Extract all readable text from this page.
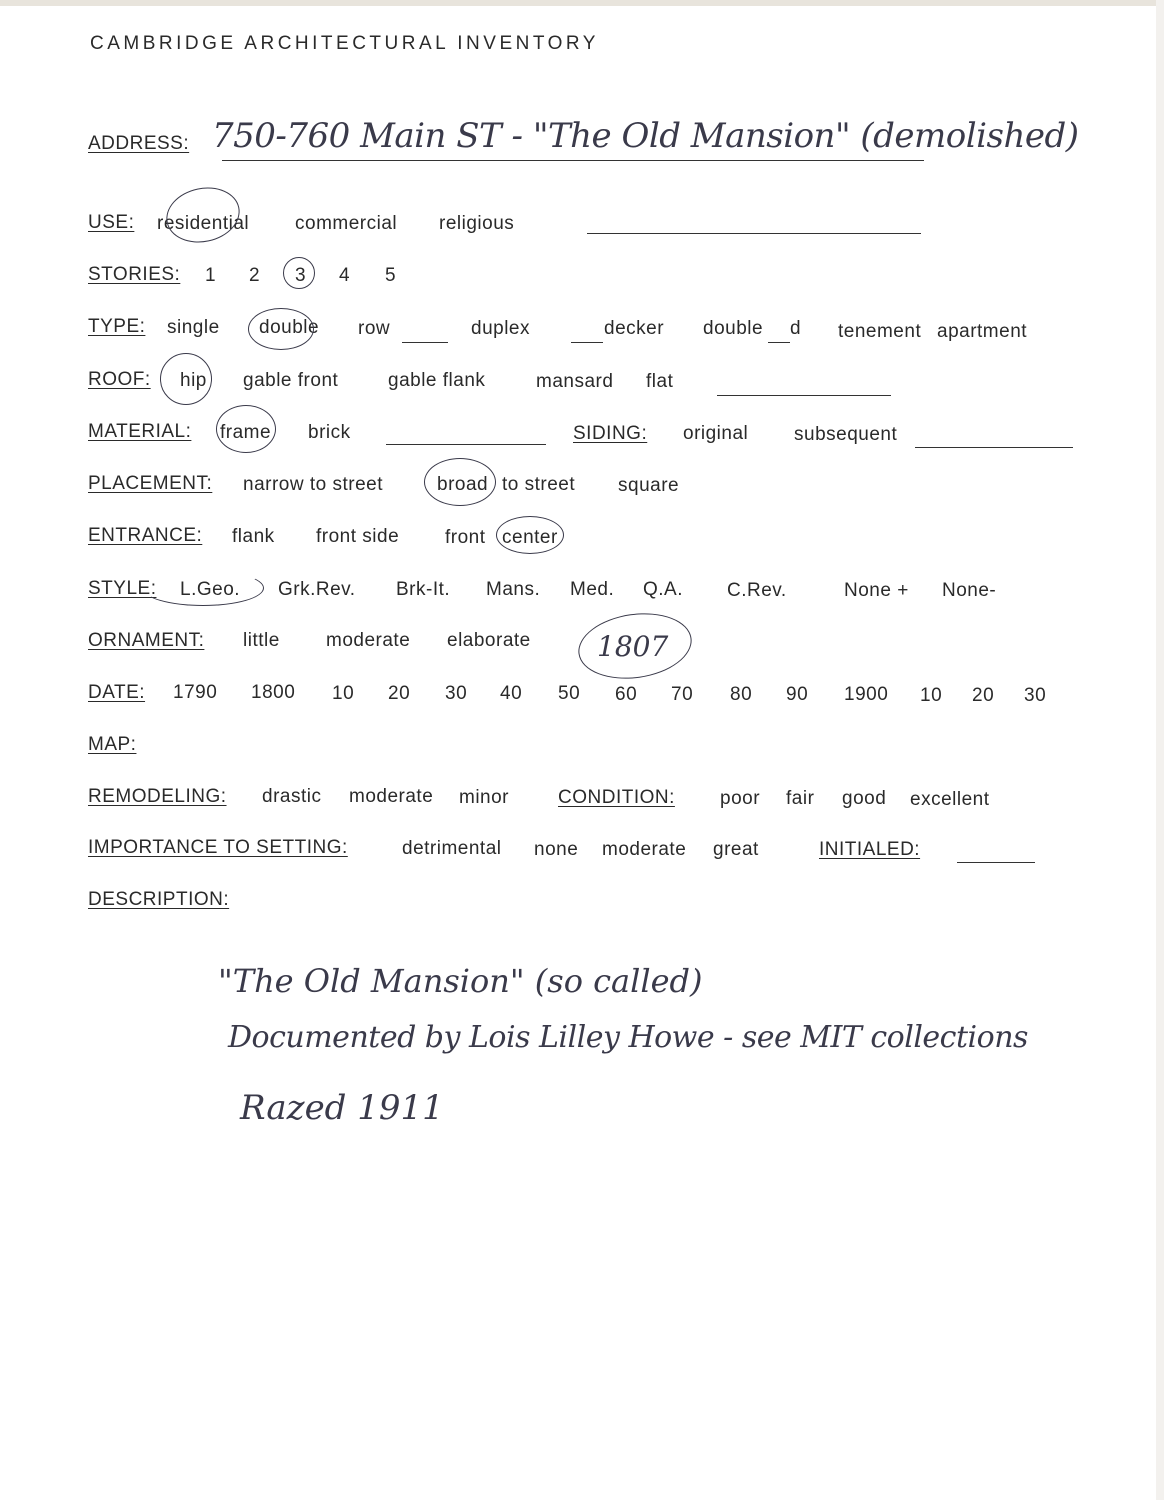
CAMBRIDGE ARCHITECTURAL INVENTORY
ADDRESS: 750-760 Main ST - "The Old Mansion" (demolished)
USE: residential commercial religious
STORIES: 1 2 3 4 5
TYPE: single double row	duplex	decker double d tenement apartment
ROOF: hip gable front	gable flank	mansard flat
MATERIAL: frame brick	SIDING: original subsequent
PLACEMENT: narrow to street	broad to street square
ENTRANCE: flank front side front center
STYLE: L.Geo. Grk.Rev. Brk-It. Mans. Med. Q.A. C.Rev.	None + None-
ORNAMENT: little moderate elaborate 1807
DATE: 1790 1800 10 20 30 40 50 60 70 80 90 1900 10 20 30
MAP:
REMODELING: drastic moderate minor	CONDITION: poor fair good excellent
IMPORTANCE TO SETTING:	detrimental none moderate great	INITIALED:
DESCRIPTION:
"The Old Mansion" (so called)
Documented by Lois Lilley Howe - see MIT collections
Razed 1911
